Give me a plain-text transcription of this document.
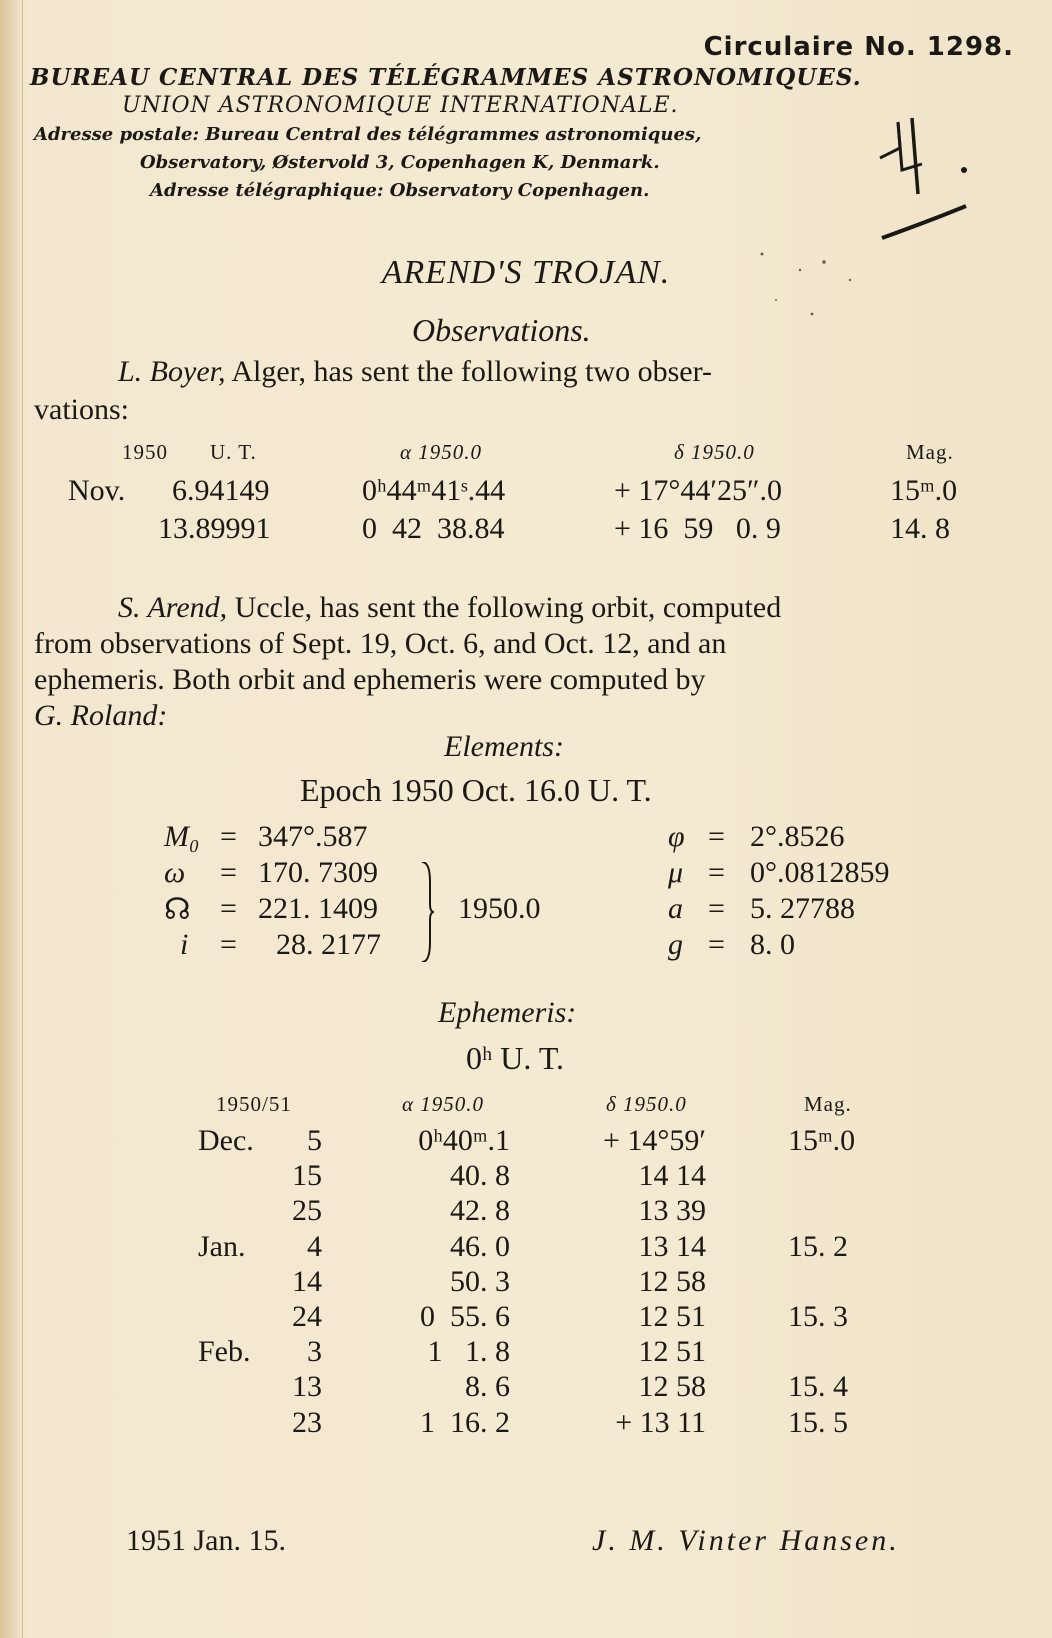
Circulaire No. 1298.
BUREAU CENTRAL DES TÉLÉGRAMMES ASTRONOMIQUES.
UNION ASTRONOMIQUE INTERNATIONALE.
Adresse postale: Bureau Central des télégrammes astronomiques,
Observatory, Østervold 3, Copenhagen K, Denmark.
Adresse télégraphique: Observatory Copenhagen.
AREND'S TROJAN.
Observations.
L. Boyer, Alger, has sent the following two obser-
vations:
1950 U. T.	α 1950.0	δ 1950.0	Mag.
Nov. 6.94149	0ʰ44ᵐ41ˢ.44	+ 17°44′25″.0	15ᵐ.0
13.89991	0  42  38.84	+ 16  59   0. 9	14. 8
S. Arend, Uccle, has sent the following orbit, computed
from observations of Sept. 19, Oct. 6, and Oct. 12, and an
ephemeris. Both orbit and ephemeris were computed by
G. Roland:
Elements:
Epoch 1950 Oct. 16.0 U. T.
M₀ = 347°.587
ω = 170. 7309
☊ = 221. 1409
i = 28. 2177
1950.0
φ = 2°.8526
μ = 0°.0812859
a = 5. 27788
g = 8. 0
Ephemeris:
0ʰ U. T.
1950/51	α 1950.0	δ 1950.0	Mag.
Dec. 5	0ʰ40ᵐ.1	+ 14°59′	15ᵐ.0
15	40. 8	14 14
25	42. 8	13 39
Jan. 4	46. 0	13 14	15. 2
14	50. 3	12 58
24	0  55. 6	12 51	15. 3
Feb. 3	1   1. 8	12 51
13	8. 6	12 58	15. 4
23	1  16. 2	+ 13 11	15. 5
1951 Jan. 15.	J. M. Vinter Hansen.
